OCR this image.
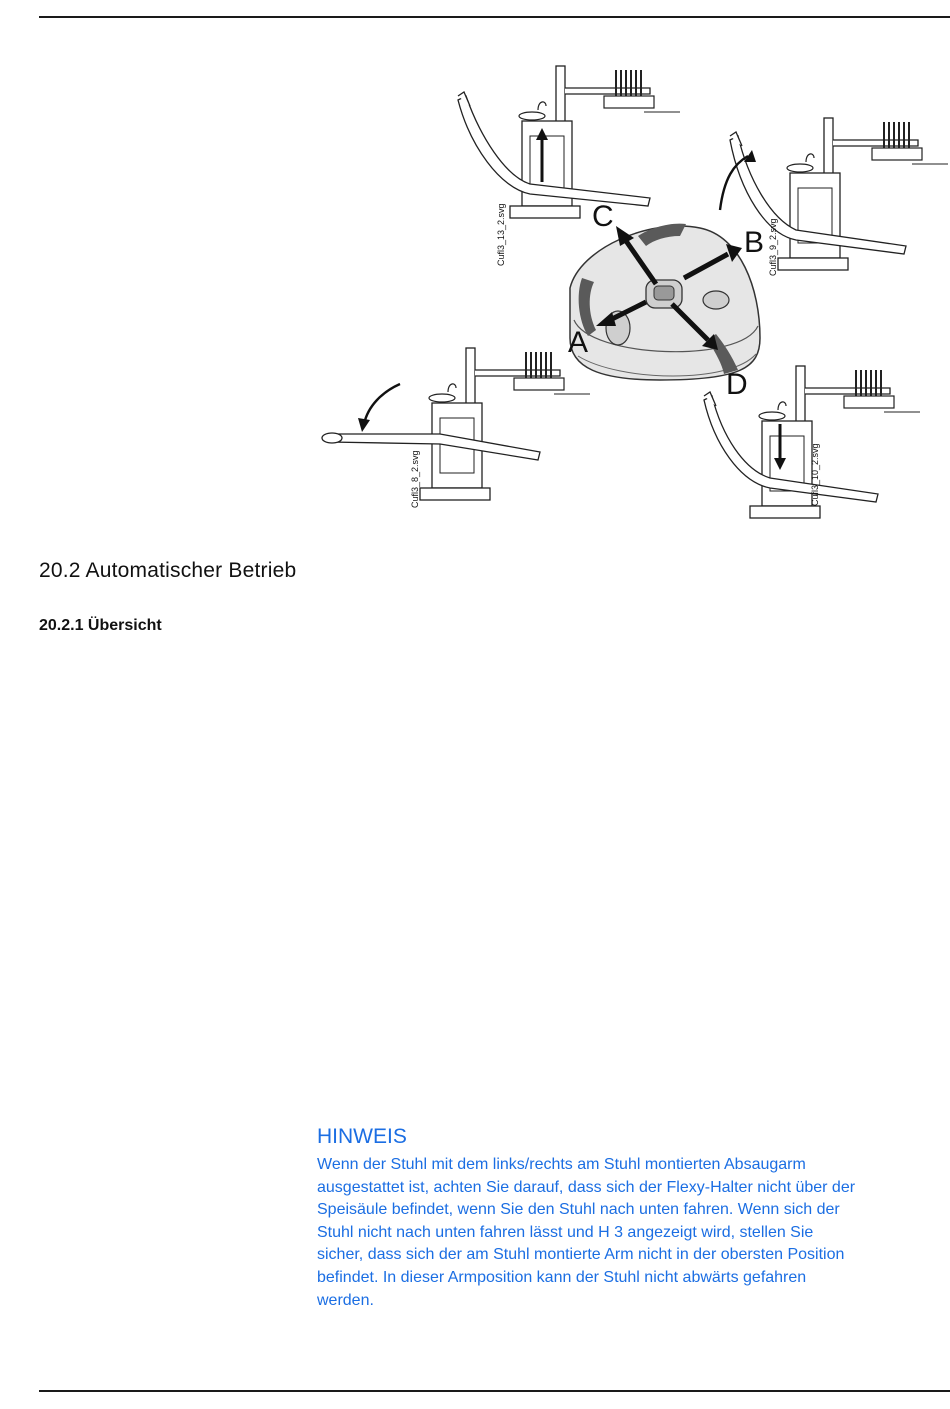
Cufl3_13_2.svg	Cufl3_9_2.svg
Cufl3_8_2.svg	Cufl3_10_2.svg
C
B
A
D
20.2 Automatischer Betrieb
20.2.1 Übersicht
HINWEIS
Wenn der Stuhl mit dem links/rechts am Stuhl montierten Absaugarm
ausgestattet ist, achten Sie darauf, dass sich der Flexy-Halter nicht über der
Speisäule befindet, wenn Sie den Stuhl nach unten fahren. Wenn sich der
Stuhl nicht nach unten fahren lässt und H 3 angezeigt wird, stellen Sie
sicher, dass sich der am Stuhl montierte Arm nicht in der obersten Position
befindet. In dieser Armposition kann der Stuhl nicht abwärts gefahren
werden.
